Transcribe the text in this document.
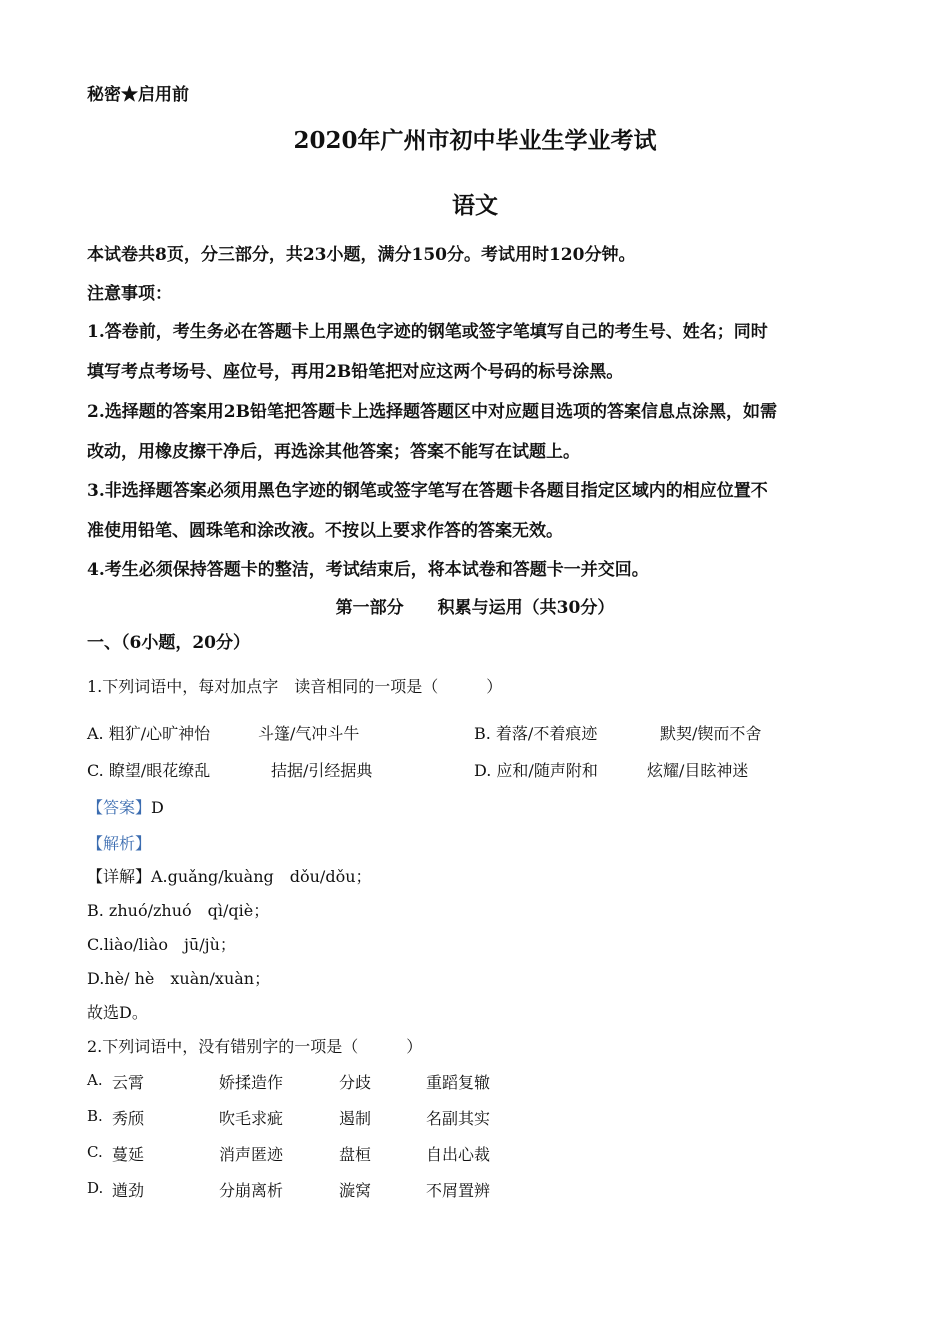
秘密★启用前
2020年广州市初中毕业生学业考试
语文
本试卷共8页，分三部分，共23小题，满分150分。考试用时120分钟。
注意事项：
1.答卷前，考生务必在答题卡上用黑色字迹的钢笔或签字笔填写自己的考生号、姓名；同时
填写考点考场号、座位号，再用2B铅笔把对应这两个号码的标号涂黑。
2.选择题的答案用2B铅笔把答题卡上选择题答题区中对应题目选项的答案信息点涂黑，如需
改动，用橡皮擦干净后，再选涂其他答案；答案不能写在试题上。
3.非选择题答案必须用黑色字迹的钢笔或签字笔写在答题卡各题目指定区域内的相应位置不
准使用铅笔、圆珠笔和涂改液。不按以上要求作答的答案无效。
4.考生必须保持答题卡的整洁，考试结束后，将本试卷和答题卡一并交回。
第一部分　　积累与运用（共30分）
一、（6小题，20分）
1.下列词语中，每对加点字　读音相同的一项是（　　　）
A. 粗犷/心旷神怡	斗篷/气冲斗牛	B. 着落/不着痕迹	默契/锲而不舍
C. 瞭望/眼花缭乱	拮据/引经据典	D. 应和/随声附和	炫耀/目眩神迷
【答案】D
【解析】
【详解】A.guǎng/kuàng　dǒu/dǒu；
B. zhuó/zhuó　qì/qiè；
C.liào/liào　jū/jù；
D.hè/ hè　xuàn/xuàn；
故选D。
2.下列词语中，没有错别字的一项是（　　　）
A. 云霄	娇揉造作	分歧	重蹈复辙
B. 秀颀	吹毛求疵	遏制	名副其实
C. 蔓延	消声匿迹	盘桓	自出心裁
D. 遒劲	分崩离析	漩窝	不屑置辨
